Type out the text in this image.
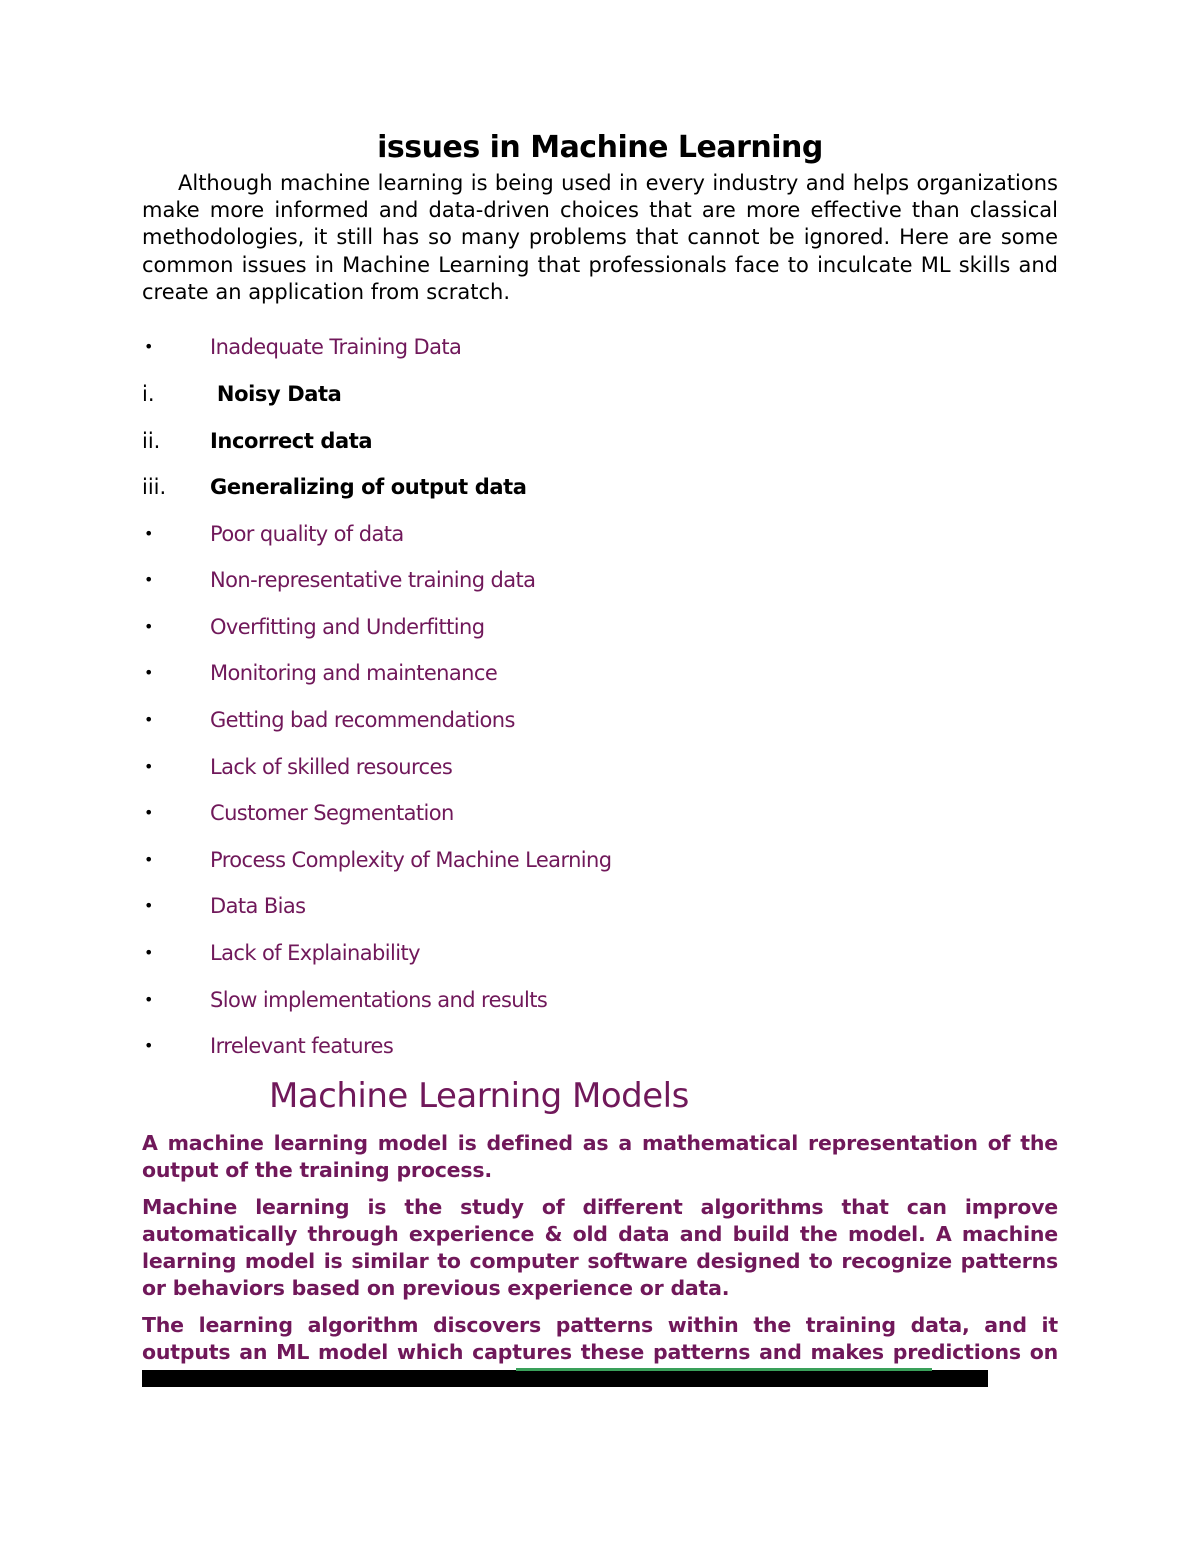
issues in Machine Learning

Although machine learning is being used in every industry and helps organizations make more informed and data-driven choices that are more effective than classical methodologies, it still has so many problems that cannot be ignored. Here are some common issues in Machine Learning that professionals face to inculcate ML skills and create an application from scratch.

•	Inadequate Training Data
i.	Noisy Data
ii.	Incorrect data
iii.	Generalizing of output data
•	Poor quality of data
•	Non-representative training data
•	Overfitting and Underfitting
•	Monitoring and maintenance
•	Getting bad recommendations
•	Lack of skilled resources
•	Customer Segmentation
•	Process Complexity of Machine Learning
•	Data Bias
•	Lack of Explainability
•	Slow implementations and results
•	Irrelevant features
Machine Learning Models

A machine learning model is defined as a mathematical representation of the output of the training process.

Machine learning is the study of different algorithms that can improve automatically through experience & old data and build the model. A machine learning model is similar to computer software designed to recognize patterns or behaviors based on previous experience or data.

The learning algorithm discovers patterns within the training data, and it outputs an ML model which captures these patterns and makes predictions on
